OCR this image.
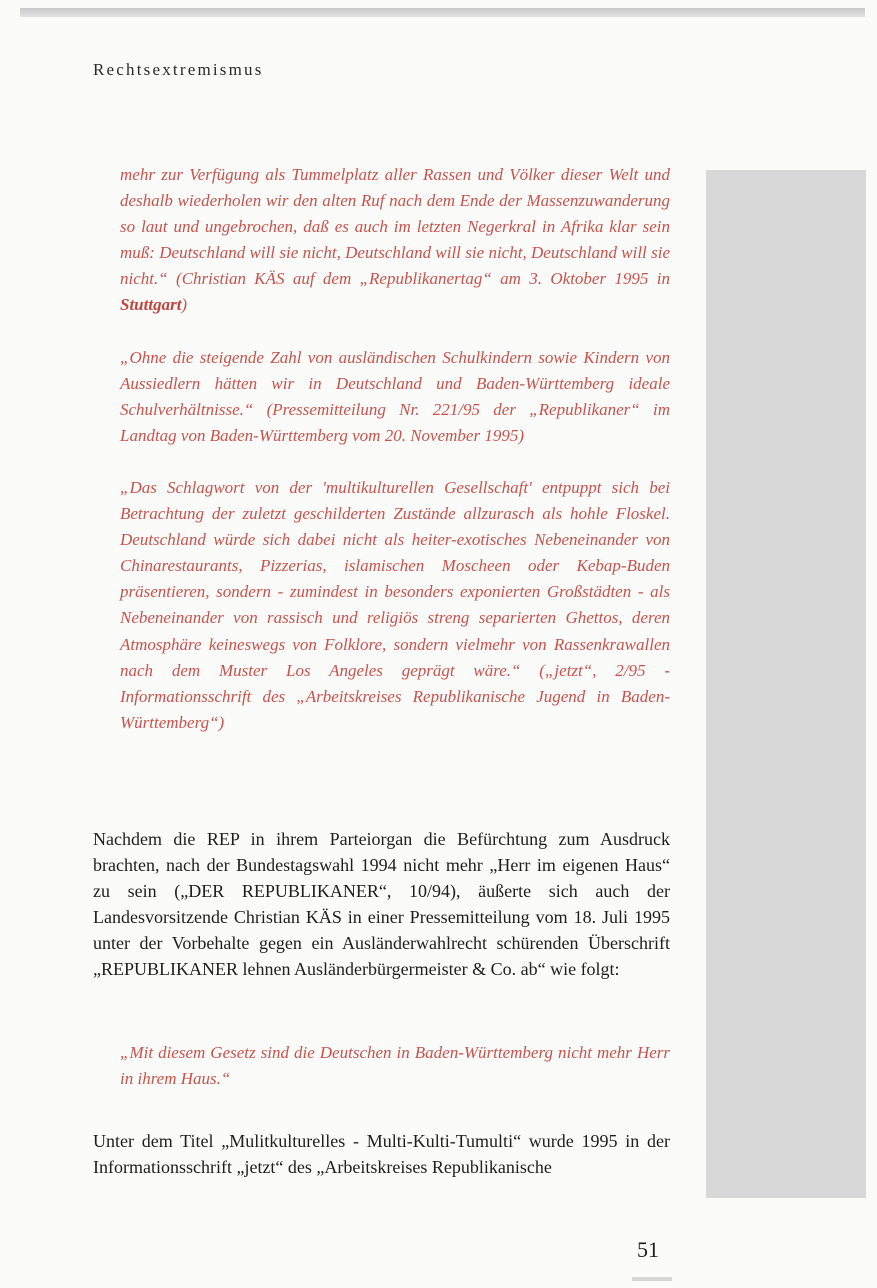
Rechtsextremismus

mehr zur Verfügung als Tummelplatz aller Rassen und Völker dieser Welt und deshalb wiederholen wir den alten Ruf nach dem Ende der Massenzuwanderung so laut und ungebrochen, daß es auch im letzten Negerkral in Afrika klar sein muß: Deutschland will sie nicht, Deutschland will sie nicht, Deutschland will sie nicht.“ (Christian KÄS auf dem „Republikanertag“ am 3. Oktober 1995 in Stuttgart)

„Ohne die steigende Zahl von ausländischen Schulkindern sowie Kindern von Aussiedlern hätten wir in Deutschland und Baden-Württemberg ideale Schulverhältnisse.“ (Pressemitteilung Nr. 221/95 der „Republikaner“ im Landtag von Baden-Württemberg vom 20. November 1995)

„Das Schlagwort von der 'multikulturellen Gesellschaft' entpuppt sich bei Betrachtung der zuletzt geschilderten Zustände allzurasch als hohle Floskel. Deutschland würde sich dabei nicht als heiter-exotisches Nebeneinander von Chinarestaurants, Pizzerias, islamischen Moscheen oder Kebap-Buden präsentieren, sondern - zumindest in besonders exponierten Großstädten - als Nebeneinander von rassisch und religiös streng separierten Ghettos, deren Atmosphäre keineswegs von Folklore, sondern vielmehr von Rassenkrawallen nach dem Muster Los Angeles geprägt wäre.“ („jetzt“, 2/95 - Informationsschrift des „Arbeitskreises Republikanische Jugend in Baden-Württemberg“)

Nachdem die REP in ihrem Parteiorgan die Befürchtung zum Ausdruck brachten, nach der Bundestagswahl 1994 nicht mehr „Herr im eigenen Haus“ zu sein („DER REPUBLIKANER“, 10/94), äußerte sich auch der Landesvorsitzende Christian KÄS in einer Pressemitteilung vom 18. Juli 1995 unter der Vorbehalte gegen ein Ausländerwahlrecht schürenden Überschrift „REPUBLIKANER lehnen Ausländerbürgermeister & Co. ab“ wie folgt:

„Mit diesem Gesetz sind die Deutschen in Baden-Württemberg nicht mehr Herr in ihrem Haus.“

Unter dem Titel „Mulitkulturelles - Multi-Kulti-Tumulti“ wurde 1995 in der Informationsschrift „jetzt“ des „Arbeitskreises Republikanische

51
